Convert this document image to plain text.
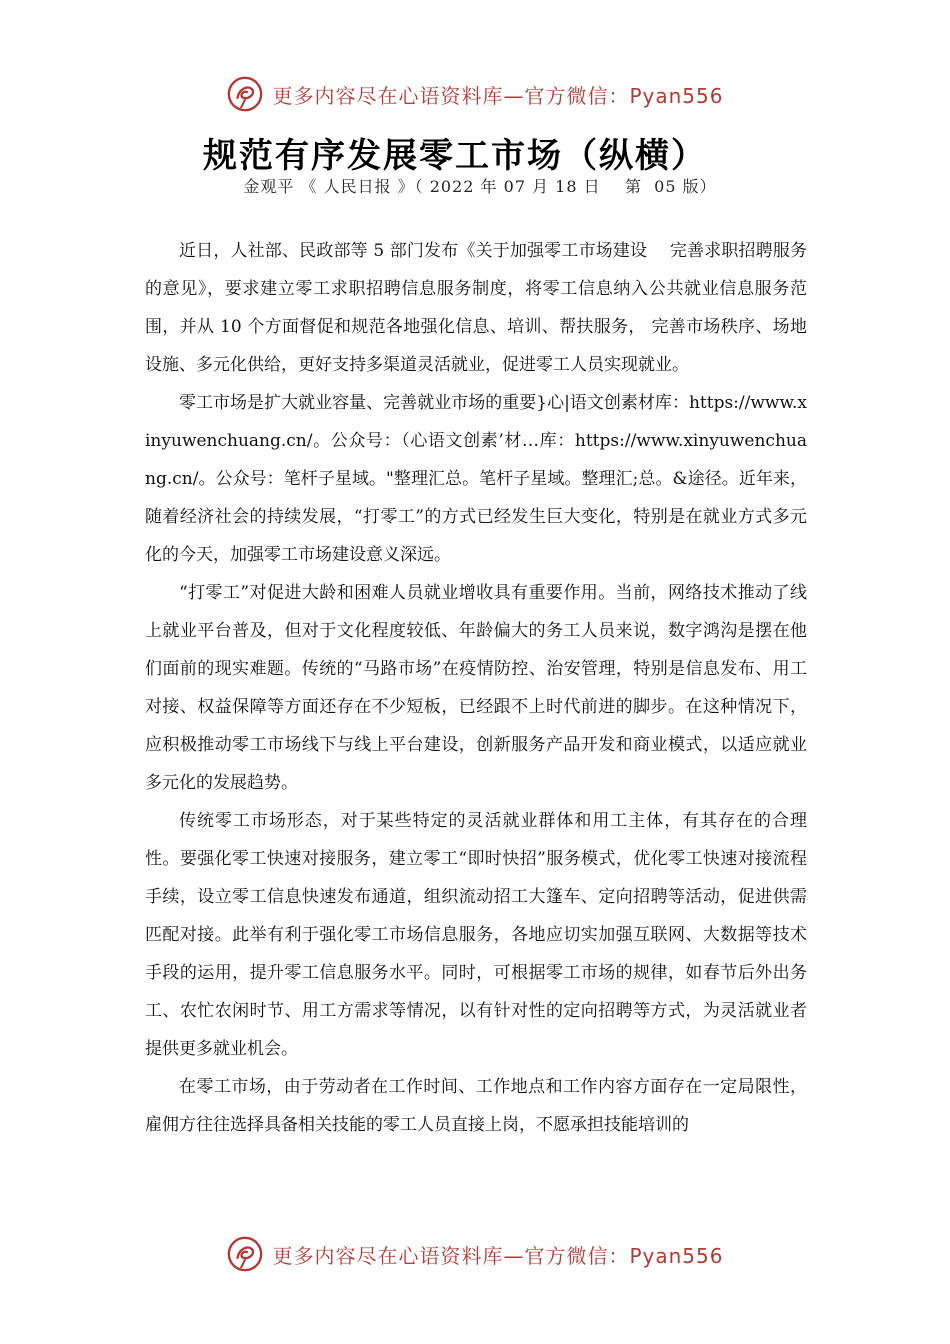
更多内容尽在心语资料库—官方微信：Pyan556
规范有序发展零工市场（纵横）
金观平 《 人民日报 》（ 2022 年 07 月 18 日    第  05 版）

近日，人社部、民政部等 5 部门发布《关于加强零工市场建设　 完善求职招聘服务的意见》，要求建立零工求职招聘信息服务制度，将零工信息纳入公共就业信息服务范围，并从 10 个方面督促和规范各地强化信息、培训、帮扶服务， 完善市场秩序、场地设施、多元化供给，更好支持多渠道灵活就业，促进零工人员实现就业。

零工市场是扩大就业容量、完善就业市场的重要}心|语文创素材库：https://www.xinyuwenchuang.cn/。公众号：（心语文创素’材…库：https://www.xinyuwenchuang.cn/。公众号：笔杆子星域。"整理汇总。笔杆子星域。整理汇;总。&途径。近年来，随着经济社会的持续发展，“打零工”的方式已经发生巨大变化，特别是在就业方式多元化的今天，加强零工市场建设意义深远。

“打零工”对促进大龄和困难人员就业增收具有重要作用。当前，网络技术推动了线上就业平台普及，但对于文化程度较低、年龄偏大的务工人员来说，数字鸿沟是摆在他们面前的现实难题。传统的“马路市场”在疫情防控、治安管理，特别是信息发布、用工对接、权益保障等方面还存在不少短板，已经跟不上时代前进的脚步。在这种情况下，应积极推动零工市场线下与线上平台建设，创新服务产品开发和商业模式，以适应就业多元化的发展趋势。

传统零工市场形态，对于某些特定的灵活就业群体和用工主体，有其存在的合理性。要强化零工快速对接服务，建立零工“即时快招”服务模式，优化零工快速对接流程手续，设立零工信息快速发布通道，组织流动招工大篷车、定向招聘等活动，促进供需匹配对接。此举有利于强化零工市场信息服务，各地应切实加强互联网、大数据等技术手段的运用，提升零工信息服务水平。同时，可根据零工市场的规律，如春节后外出务工、农忙农闲时节、用工方需求等情况，以有针对性的定向招聘等方式，为灵活就业者提供更多就业机会。

在零工市场，由于劳动者在工作时间、工作地点和工作内容方面存在一定局限性，雇佣方往往选择具备相关技能的零工人员直接上岗，不愿承担技能培训的

更多内容尽在心语资料库—官方微信：Pyan556
